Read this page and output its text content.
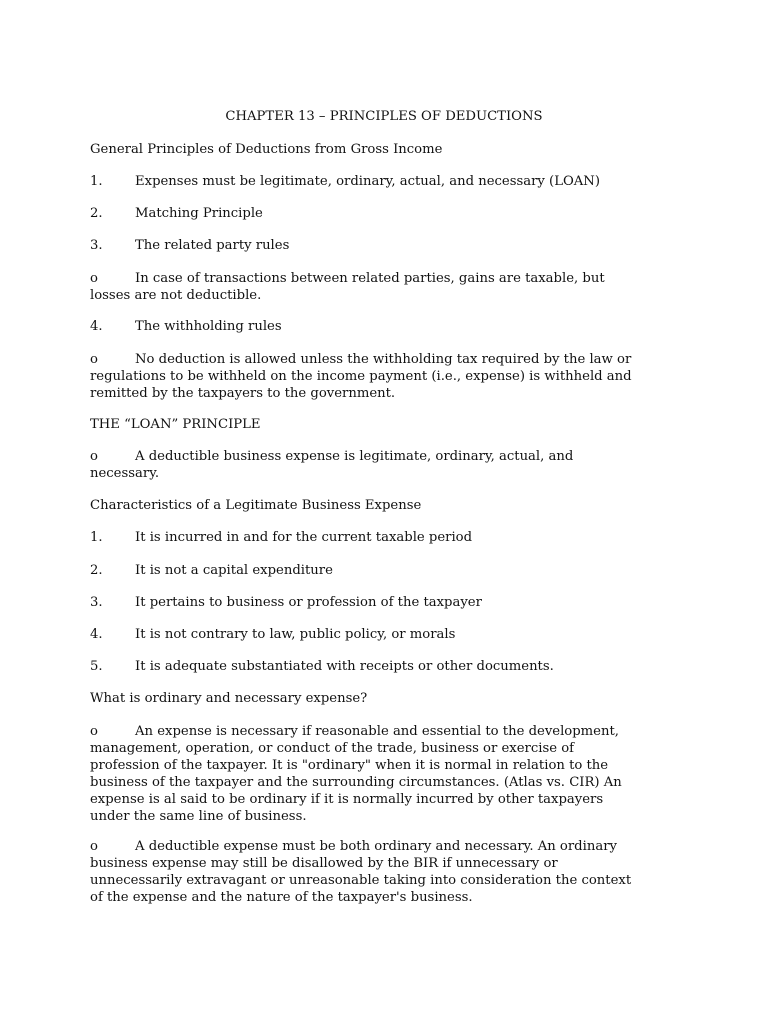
CHAPTER 13 – PRINCIPLES OF DEDUCTIONS
General Principles of Deductions from Gross Income
1.	Expenses must be legitimate, ordinary, actual, and necessary (LOAN)
2.	Matching Principle
3.	The related party rules
o	In case of transactions between related parties, gains are taxable, but
losses are not deductible.
4.	The withholding rules
o	No deduction is allowed unless the withholding tax required by the law or
regulations to be withheld on the income payment (i.e., expense) is withheld and
remitted by the taxpayers to the government.
THE “LOAN” PRINCIPLE
o	A deductible business expense is legitimate, ordinary, actual, and
necessary.
Characteristics of a Legitimate Business Expense
1.	It is incurred in and for the current taxable period
2.	It is not a capital expenditure
3.	It pertains to business or profession of the taxpayer
4.	It is not contrary to law, public policy, or morals
5.	It is adequate substantiated with receipts or other documents.
What is ordinary and necessary expense?
o	An expense is necessary if reasonable and essential to the development,
management, operation, or conduct of the trade, business or exercise of
profession of the taxpayer. It is "ordinary" when it is normal in relation to the
business of the taxpayer and the surrounding circumstances. (Atlas vs. CIR) An
expense is al said to be ordinary if it is normally incurred by other taxpayers
under the same line of business.
o	A deductible expense must be both ordinary and necessary. An ordinary
business expense may still be disallowed by the BIR if unnecessary or
unnecessarily extravagant or unreasonable taking into consideration the context
of the expense and the nature of the taxpayer's business.
